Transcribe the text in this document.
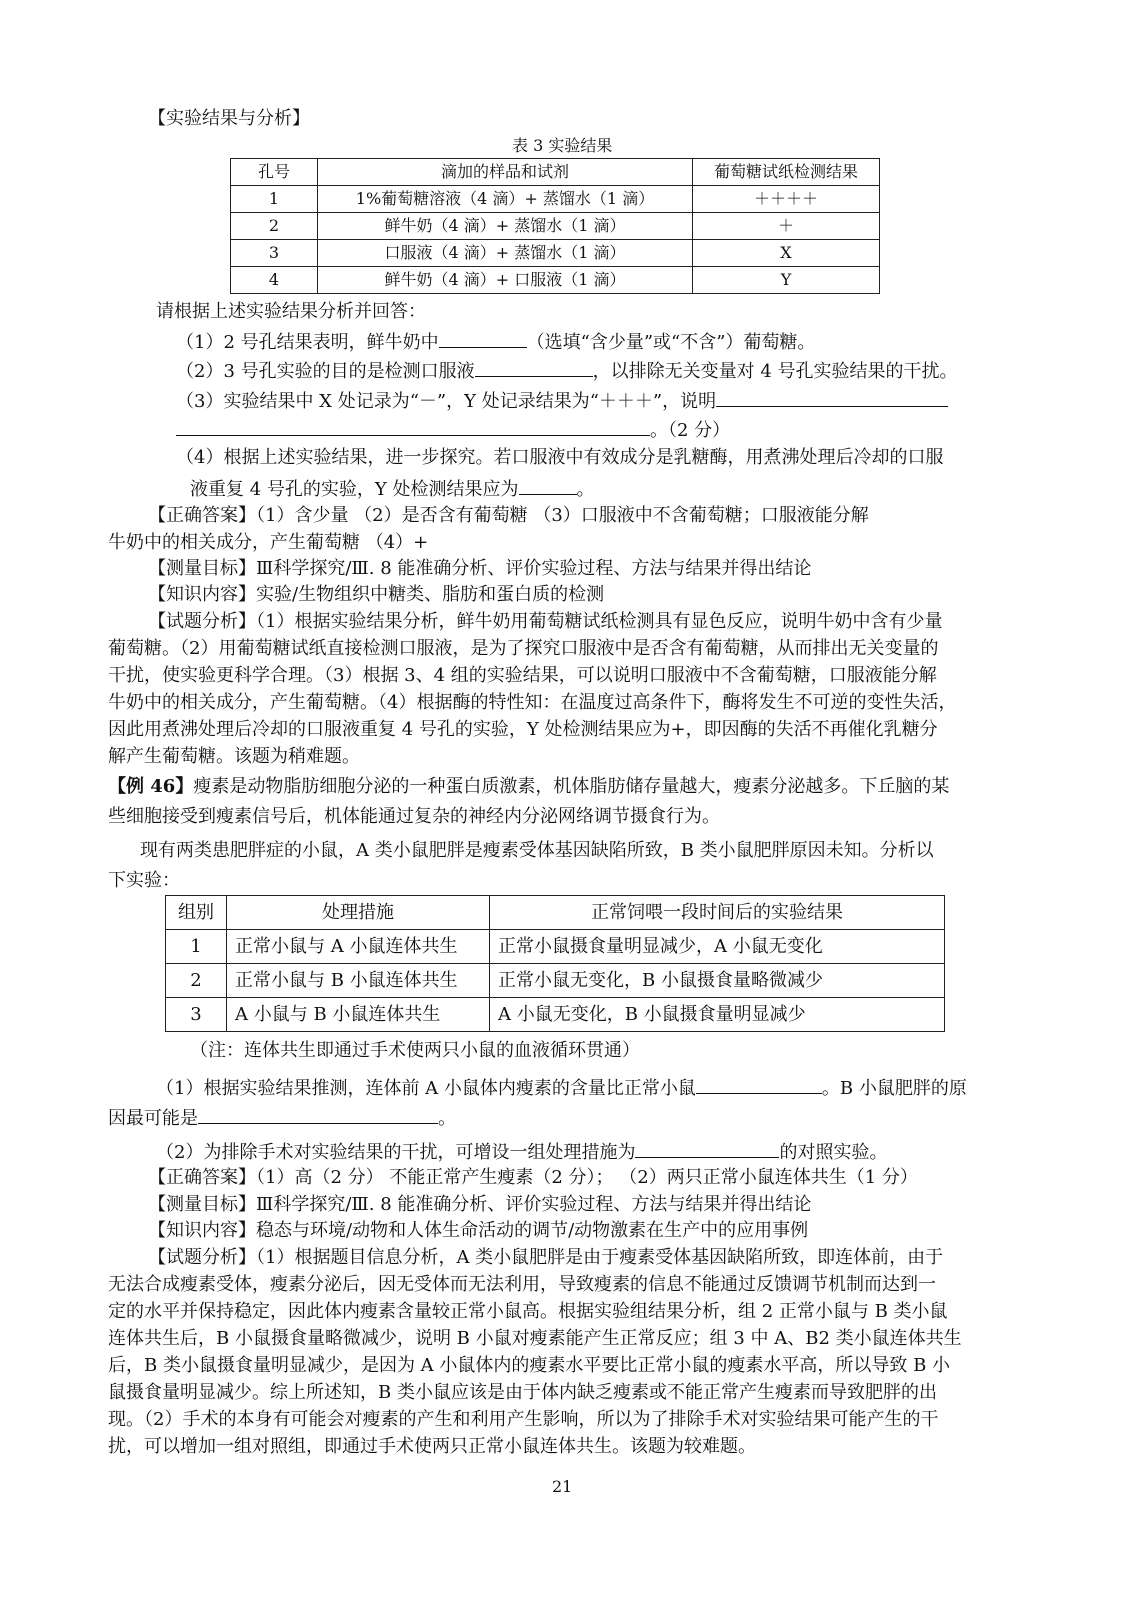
【实验结果与分析】
表 3 实验结果
孔号	滴加的样品和试剂	葡萄糖试纸检测结果
1	1%葡萄糖溶液（4 滴）+ 蒸馏水（1 滴）	＋＋＋＋
2	鲜牛奶（4 滴）+ 蒸馏水（1 滴）	＋
3	口服液（4 滴）+ 蒸馏水（1 滴）	X
4	鲜牛奶（4 滴）+ 口服液（1 滴）	Y
请根据上述实验结果分析并回答：
（1）2 号孔结果表明，鲜牛奶中	（选填“含少量”或“不含”）葡萄糖。
（2）3 号孔实验的目的是检测口服液	，以排除无关变量对 4 号孔实验结果的干扰。
（3）实验结果中 X 处记录为“－”，Y 处记录结果为“＋＋＋”，说明
。（2 分）
（4）根据上述实验结果，进一步探究。若口服液中有效成分是乳糖酶，用煮沸处理后冷却的口服
液重复 4 号孔的实验，Y 处检测结果应为	。
【正确答案】（1）含少量 （2）是否含有葡萄糖 （3）口服液中不含葡萄糖；口服液能分解
牛奶中的相关成分，产生葡萄糖 （4）+
【测量目标】Ⅲ科学探究/Ⅲ. 8 能准确分析、评价实验过程、方法与结果并得出结论
【知识内容】实验/生物组织中糖类、脂肪和蛋白质的检测
【试题分析】（1）根据实验结果分析，鲜牛奶用葡萄糖试纸检测具有显色反应，说明牛奶中含有少量
葡萄糖。（2）用葡萄糖试纸直接检测口服液，是为了探究口服液中是否含有葡萄糖，从而排出无关变量的
干扰，使实验更科学合理。（3）根据 3、4 组的实验结果，可以说明口服液中不含葡萄糖，口服液能分解
牛奶中的相关成分，产生葡萄糖。（4）根据酶的特性知：在温度过高条件下，酶将发生不可逆的变性失活，
因此用煮沸处理后冷却的口服液重复 4 号孔的实验，Y 处检测结果应为+，即因酶的失活不再催化乳糖分
解产生葡萄糖。该题为稍难题。
【例 46】瘦素是动物脂肪细胞分泌的一种蛋白质激素，机体脂肪储存量越大，瘦素分泌越多。下丘脑的某
些细胞接受到瘦素信号后，机体能通过复杂的神经内分泌网络调节摄食行为。
现有两类患肥胖症的小鼠，A 类小鼠肥胖是瘦素受体基因缺陷所致，B 类小鼠肥胖原因未知。分析以
下实验：
组别	处理措施	正常饲喂一段时间后的实验结果
1	正常小鼠与 A 小鼠连体共生	正常小鼠摄食量明显减少，A 小鼠无变化
2	正常小鼠与 B 小鼠连体共生	正常小鼠无变化，B 小鼠摄食量略微减少
3	A 小鼠与 B 小鼠连体共生	A 小鼠无变化，B 小鼠摄食量明显减少
（注：连体共生即通过手术使两只小鼠的血液循环贯通）
（1）根据实验结果推测，连体前 A 小鼠体内瘦素的含量比正常小鼠	。B 小鼠肥胖的原
因最可能是	。
（2）为排除手术对实验结果的干扰，可增设一组处理措施为	的对照实验。
【正确答案】（1）高（2 分） 不能正常产生瘦素（2 分）； （2）两只正常小鼠连体共生（1 分）
【测量目标】Ⅲ科学探究/Ⅲ. 8 能准确分析、评价实验过程、方法与结果并得出结论
【知识内容】稳态与环境/动物和人体生命活动的调节/动物激素在生产中的应用事例
【试题分析】（1）根据题目信息分析，A 类小鼠肥胖是由于瘦素受体基因缺陷所致，即连体前，由于
无法合成瘦素受体，瘦素分泌后，因无受体而无法利用，导致瘦素的信息不能通过反馈调节机制而达到一
定的水平并保持稳定，因此体内瘦素含量较正常小鼠高。根据实验组结果分析，组 2 正常小鼠与 B 类小鼠
连体共生后，B 小鼠摄食量略微减少，说明 B 小鼠对瘦素能产生正常反应；组 3 中 A、B2 类小鼠连体共生
后，B 类小鼠摄食量明显减少，是因为 A 小鼠体内的瘦素水平要比正常小鼠的瘦素水平高，所以导致 B 小
鼠摄食量明显减少。综上所述知，B 类小鼠应该是由于体内缺乏瘦素或不能正常产生瘦素而导致肥胖的出
现。（2）手术的本身有可能会对瘦素的产生和利用产生影响，所以为了排除手术对实验结果可能产生的干
扰，可以增加一组对照组，即通过手术使两只正常小鼠连体共生。该题为较难题。
21
